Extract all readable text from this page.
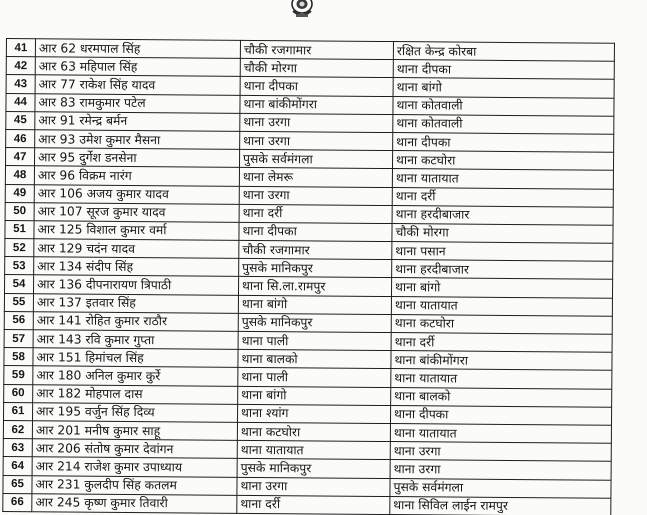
41	आर 62 धरमपाल सिंह	चौकी रजगामार	रक्षित केन्द्र कोरबा
42	आर 63 महिपाल सिंह	चौकी मोरगा	थाना दीपका
43	आर 77 राकेश सिंह यादव	थाना दीपका	थाना बांगो
44	आर 83 रामकुमार पटेल	थाना बांकीमोंगरा	थाना कोतवाली
45	आर 91 रमेन्द्र बर्मन	थाना उरगा	थाना कोतवाली
46	आर 93 उमेश कुमार मैसना	थाना उरगा	थाना दीपका
47	आर 95 दुर्गेश डनसेना	पुसके सर्वमंगला	थाना कटघोरा
48	आर 96 विक्रम नारंग	थाना लेमरू	थाना यातायात
49	आर 106 अजय कुमार यादव	थाना उरगा	थाना दर्री
50	आर 107 सूरज कुमार यादव	थाना दर्री	थाना हरदीबाजार
51	आर 125 विशाल कुमार वर्मा	थाना दीपका	चौकी मोरगा
52	आर 129 चदंन यादव	चौकी रजगामार	थाना पसान
53	आर 134 संदीप सिंह	पुसके मानिकपुर	थाना हरदीबाजार
54	आर 136 दीपनारायण त्रिपाठी	थाना सि.ला.रामपुर	थाना बांगो
55	आर 137 इतवार सिंह	थाना बांगो	थाना यातायात
56	आर 141 रोहित कुमार राठौर	पुसके मानिकपुर	थाना कटघोरा
57	आर 143 रवि कुमार गुप्ता	थाना पाली	थाना दर्री
58	आर 151 हिमांचल सिंह	थाना बालको	थाना बांकीमोंगरा
59	आर 180 अनिल कुमार कुर्रे	थाना पाली	थाना यातायात
60	आर 182 मोहपाल दास	थाना बांगो	थाना बालको
61	आर 195 वर्जुन सिंह दिव्य	थाना श्यांग	थाना दीपका
62	आर 201 मनीष कुमार साहू	थाना कटघोरा	थाना यातायात
63	आर 206 संतोष कुमार देवांगन	थाना यातायात	थाना उरगा
64	आर 214 राजेश कुमार उपाध्याय	पुसके मानिकपुर	थाना उरगा
65	आर 231 कुलदीप सिंह कतलम	थाना उरगा	पुसके सर्वमंगला
66	आर 245 कृष्ण कुमार तिवारी	थाना दर्री	थाना सिविल लाईन रामपुर
